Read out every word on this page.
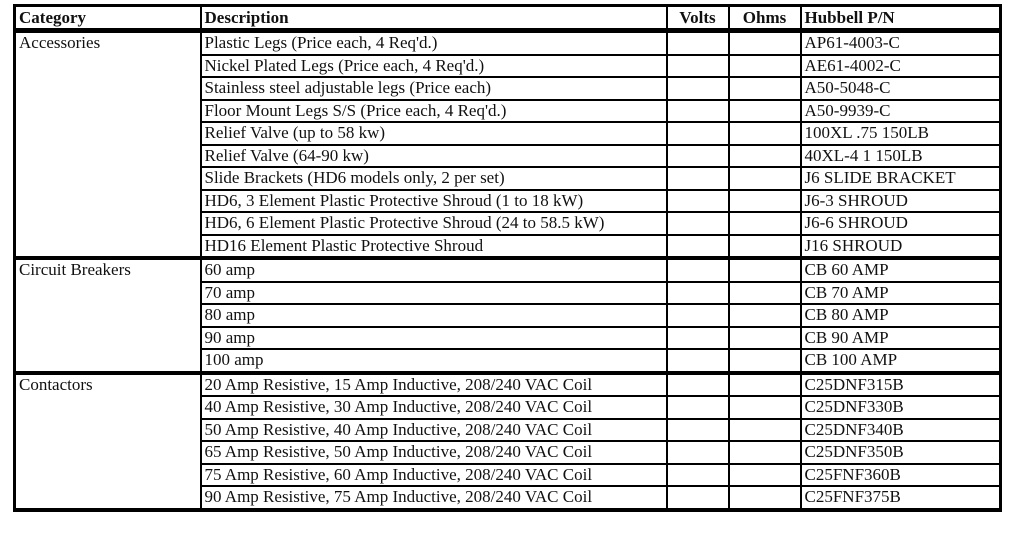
Category	Description	Volts	Ohms	Hubbell P/N
Accessories	Plastic Legs (Price each, 4 Req'd.)			AP61-4003-C
	Nickel Plated Legs (Price each, 4 Req'd.)			AE61-4002-C
	Stainless steel adjustable legs (Price each)			A50-5048-C
	Floor Mount Legs S/S (Price each, 4 Req'd.)			A50-9939-C
	Relief Valve (up to 58 kw)			100XL .75 150LB
	Relief Valve (64-90 kw)			40XL-4 1 150LB
	Slide Brackets (HD6 models only, 2 per set)			J6 SLIDE BRACKET
	HD6, 3 Element Plastic Protective Shroud (1 to 18 kW)			J6-3 SHROUD
	HD6, 6 Element Plastic Protective Shroud (24 to 58.5 kW)			J6-6 SHROUD
	HD16 Element Plastic Protective Shroud			J16 SHROUD
Circuit Breakers	60 amp			CB 60 AMP
	70 amp			CB 70 AMP
	80 amp			CB 80 AMP
	90 amp			CB 90 AMP
	100 amp			CB 100 AMP
Contactors	20 Amp Resistive, 15 Amp Inductive, 208/240 VAC Coil			C25DNF315B
	40 Amp Resistive, 30 Amp Inductive, 208/240 VAC Coil			C25DNF330B
	50 Amp Resistive, 40 Amp Inductive, 208/240 VAC Coil			C25DNF340B
	65 Amp Resistive, 50 Amp Inductive, 208/240 VAC Coil			C25DNF350B
	75 Amp Resistive, 60 Amp Inductive, 208/240 VAC Coil			C25FNF360B
	90 Amp Resistive, 75 Amp Inductive, 208/240 VAC Coil			C25FNF375B
